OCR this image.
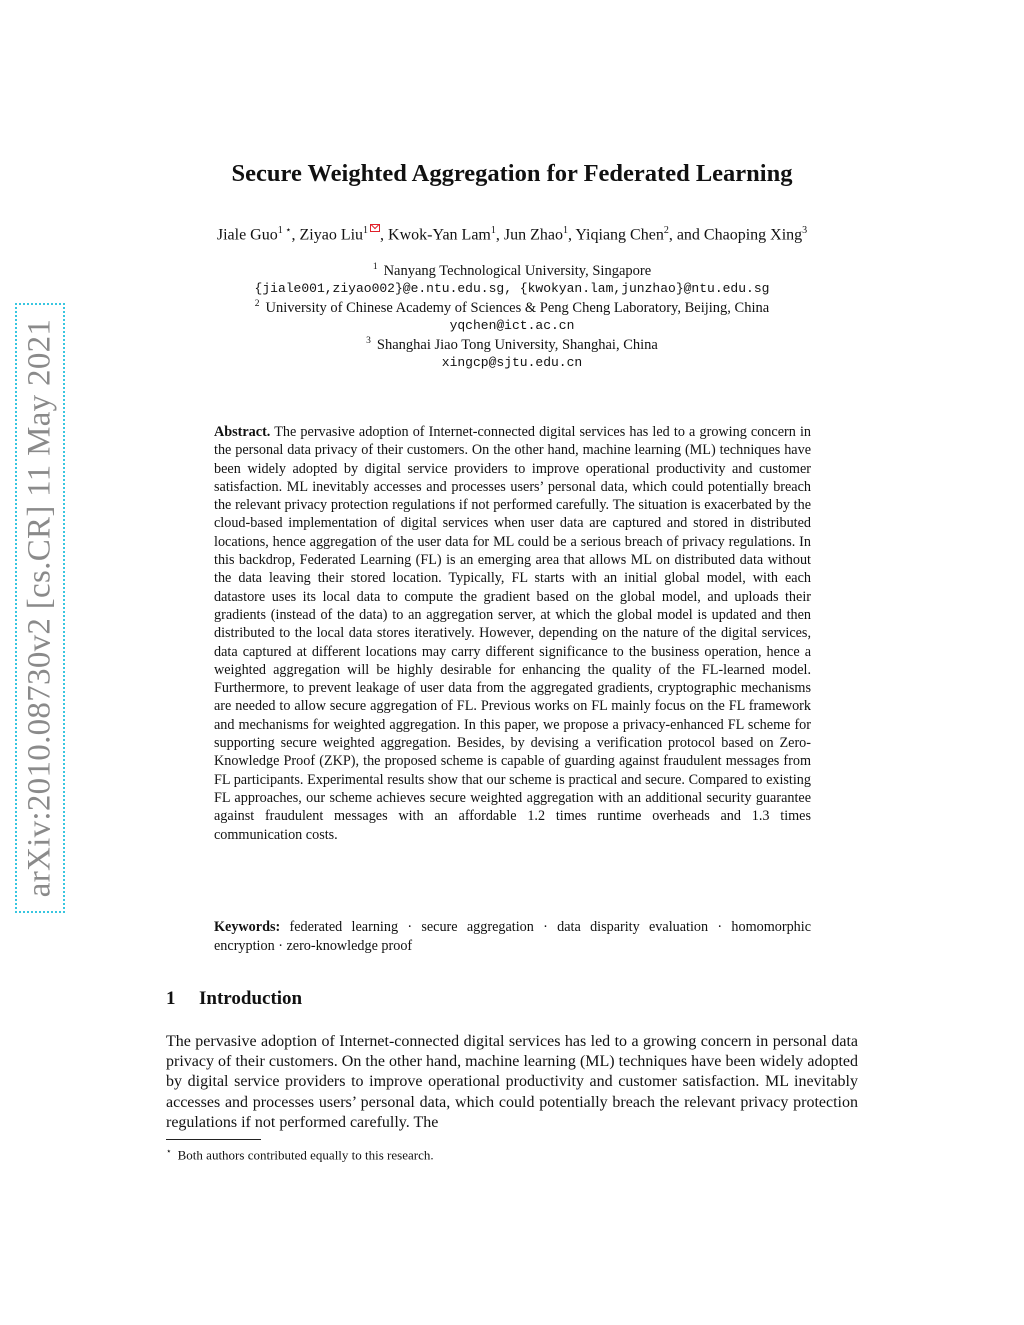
arXiv:2010.08730v2 [cs.CR] 11 May 2021
Secure Weighted Aggregation for Federated Learning
Jiale Guo$^1$ ⋆, Ziyao Liu$^1$ , Kwok-Yan Lam$^1$, Jun Zhao$^1$, Yiqiang Chen$^2$, and Chaoping Xing$^3$
$^1$ Nanyang Technological University, Singapore
{jiale001,ziyao002}@e.ntu.edu.sg, {kwokyan.lam,junzhao}@ntu.edu.sg
$^2$ University of Chinese Academy of Sciences & Peng Cheng Laboratory, Beijing, China
yqchen@ict.ac.cn
$^3$ Shanghai Jiao Tong University, Shanghai, China
xingcp@sjtu.edu.cn
Abstract. The pervasive adoption of Internet-connected digital services has led to a growing concern in the personal data privacy of their customers. On the other hand, machine learning (ML) techniques have been widely adopted by digital service providers to improve operational productivity and customer satisfaction. ML inevitably accesses and processes users’ personal data, which could potentially breach the relevant privacy protection regulations if not performed carefully. The situation is exacerbated by the cloud-based implementation of digital services when user data are captured and stored in distributed locations, hence aggregation of the user data for ML could be a serious breach of privacy regulations. In this backdrop, Federated Learning (FL) is an emerging area that allows ML on distributed data without the data leaving their stored location. Typically, FL starts with an initial global model, with each datastore uses its local data to compute the gradient based on the global model, and uploads their gradients (instead of the data) to an aggregation server, at which the global model is updated and then distributed to the local data stores iteratively. However, depending on the nature of the digital services, data captured at different locations may carry different significance to the business operation, hence a weighted aggregation will be highly desirable for enhancing the quality of the FL-learned model. Furthermore, to prevent leakage of user data from the aggregated gradients, cryptographic mechanisms are needed to allow secure aggregation of FL. Previous works on FL mainly focus on the FL framework and mechanisms for weighted aggregation. In this paper, we propose a privacy-enhanced FL scheme for supporting secure weighted aggregation. Besides, by devising a verification protocol based on Zero-Knowledge Proof (ZKP), the proposed scheme is capable of guarding against fraudulent messages from FL participants. Experimental results show that our scheme is practical and secure. Compared to existing FL approaches, our scheme achieves secure weighted aggregation with an additional security guarantee against fraudulent messages with an affordable 1.2 times runtime overheads and 1.3 times communication costs.
Keywords: federated learning · secure aggregation · data disparity evaluation · homomorphic encryption · zero-knowledge proof
1 Introduction
The pervasive adoption of Internet-connected digital services has led to a growing concern in personal data privacy of their customers. On the other hand, machine learning (ML) techniques have been widely adopted by digital service providers to improve operational productivity and customer satisfaction. ML inevitably accesses and processes users’ personal data, which could potentially breach the relevant privacy protection regulations if not performed carefully. The
⋆ Both authors contributed equally to this research.
